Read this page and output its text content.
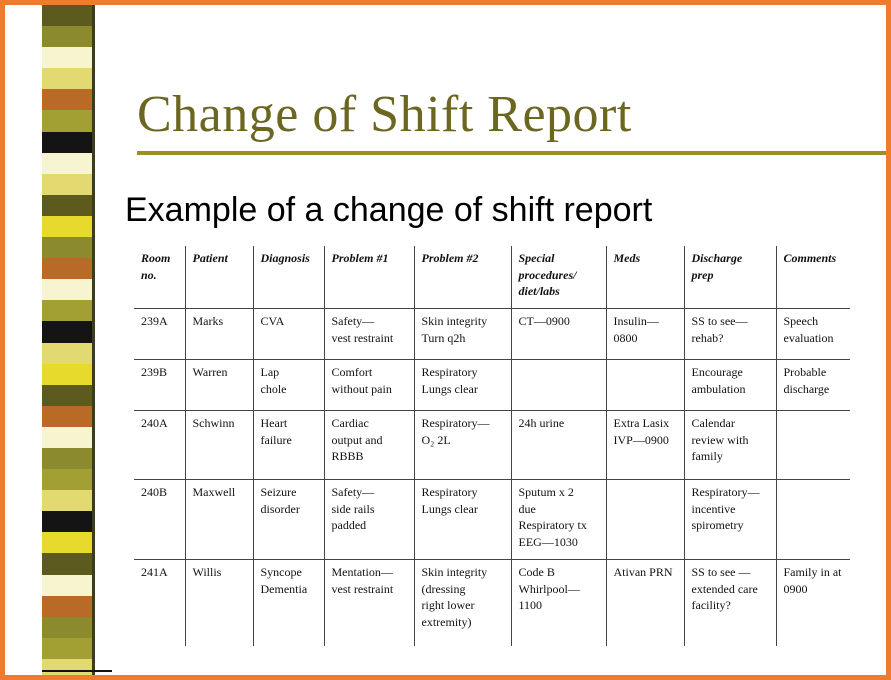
Change of Shift Report
Example of a change of shift report
Room
no.	Patient	Diagnosis	Problem #1	Problem #2	Special
procedures/
diet/labs	Meds	Discharge
prep	Comments
239A	Marks	CVA	Safety—
vest restraint	Skin integrity
Turn q2h	CT—0900	Insulin—
0800	SS to see—
rehab?	Speech
evaluation
239B	Warren	Lap
chole	Comfort
without pain	Respiratory
Lungs clear			Encourage
ambulation	Probable
discharge
240A	Schwinn	Heart
failure	Cardiac
output and
RBBB	Respiratory—
O₂ 2L	24h urine	Extra Lasix
IVP—0900	Calendar
review with
family	
240B	Maxwell	Seizure
disorder	Safety—
side rails
padded	Respiratory
Lungs clear	Sputum x 2
due
Respiratory tx
EEG—1030		Respiratory—
incentive
spirometry	
241A	Willis	Syncope
Dementia	Mentation—
vest restraint	Skin integrity
(dressing
right lower
extremity)	Code B
Whirlpool—
1100	Ativan PRN	SS to see —
extended care
facility?	Family in at
0900
